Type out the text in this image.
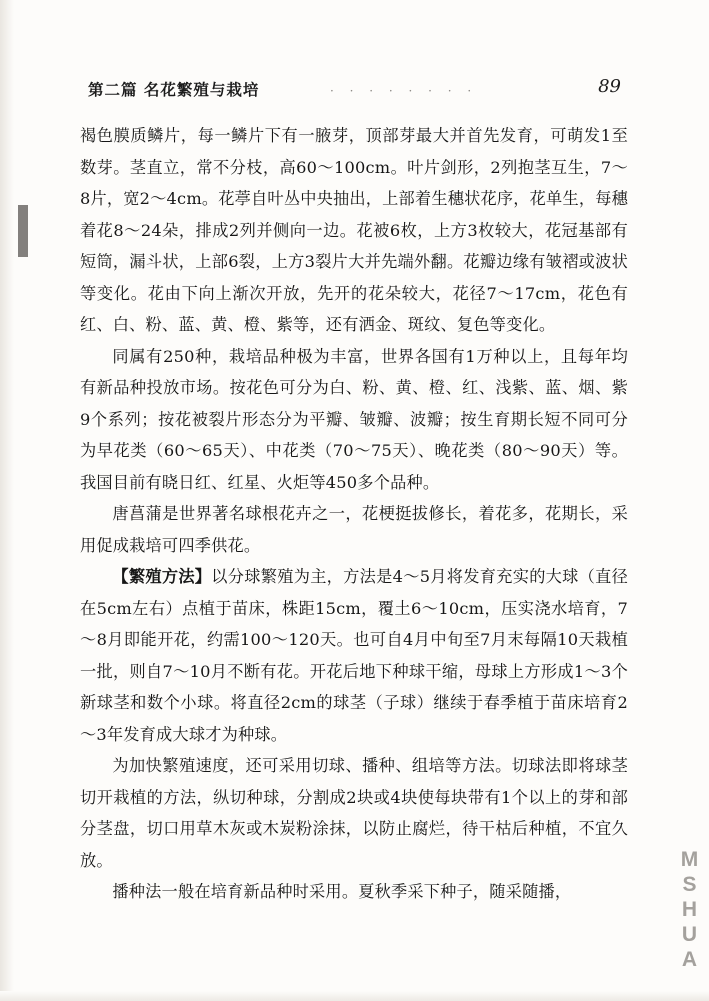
第二篇 名花繁殖与栽培	· · · · · · · ·	89

褐色膜质鳞片，每一鳞片下有一腋芽，顶部芽最大并首先发育，可萌发1至数芽。茎直立，常不分枝，高60～100cm。叶片剑形，2列抱茎互生，7～8片，宽2～4cm。花葶自叶丛中央抽出，上部着生穗状花序，花单生，每穗着花8～24朵，排成2列并侧向一边。花被6枚，上方3枚较大，花冠基部有短筒，漏斗状，上部6裂，上方3裂片大并先端外翻。花瓣边缘有皱褶或波状等变化。花由下向上渐次开放，先开的花朵较大，花径7～17cm，花色有红、白、粉、蓝、黄、橙、紫等，还有洒金、斑纹、复色等变化。

同属有250种，栽培品种极为丰富，世界各国有1万种以上，且每年均有新品种投放市场。按花色可分为白、粉、黄、橙、红、浅紫、蓝、烟、紫9个系列；按花被裂片形态分为平瓣、皱瓣、波瓣；按生育期长短不同可分为早花类（60～65天）、中花类（70～75天）、晚花类（80～90天）等。我国目前有晓日红、红星、火炬等450多个品种。

唐菖蒲是世界著名球根花卉之一，花梗挺拔修长，着花多，花期长，采用促成栽培可四季供花。

【繁殖方法】以分球繁殖为主，方法是4～5月将发育充实的大球（直径在5cm左右）点植于苗床，株距15cm，覆土6～10cm，压实浇水培育，7～8月即能开花，约需100～120天。也可自4月中旬至7月末每隔10天栽植一批，则自7～10月不断有花。开花后地下种球干缩，母球上方形成1～3个新球茎和数个小球。将直径2cm的球茎（子球）继续于春季植于苗床培育2～3年发育成大球才为种球。

为加快繁殖速度，还可采用切球、播种、组培等方法。切球法即将球茎切开栽植的方法，纵切种球，分割成2块或4块使每块带有1个以上的芽和部分茎盘，切口用草木灰或木炭粉涂抹，以防止腐烂，待干枯后种植，不宜久放。

播种法一般在培育新品种时采用。夏秋季采下种子，随采随播，	MSHUA
